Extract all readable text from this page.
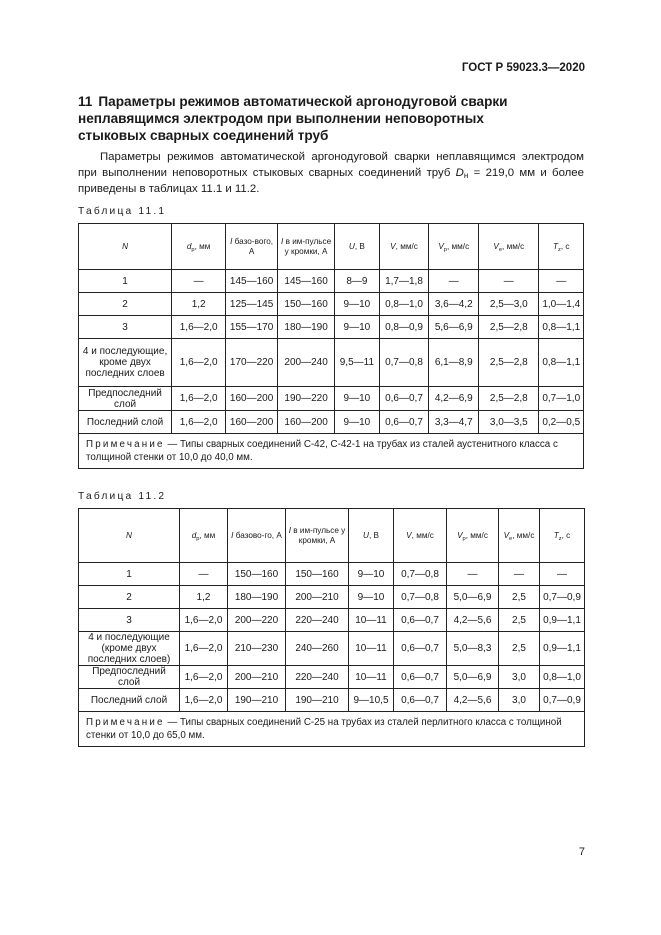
ГОСТ Р 59023.3—2020
11 Параметры режимов автоматической аргонодуговой сварки неплавящимся электродом при выполнении неповоротных стыковых сварных соединений труб

Параметры режимов автоматической аргонодуговой сварки неплавящимся электродом при выполнении неповоротных стыковых сварных соединений труб $D_н = 219,0$ мм и более приведены в таблицах 11.1 и 11.2.

Таблица 11.1
N	$d_p$, мм	I базо-вого, А	I в им-пульсе у кромки, А	U, В	V, мм/с	$V_р$, мм/с	$V_e$, мм/с	$T_z$, с
1	—	145—160	145—160	8—9	1,7—1,8	—	—	—
2	1,2	125—145	150—160	9—10	0,8—1,0	3,6—4,2	2,5—3,0	1,0—1,4
3	1,6—2,0	155—170	180—190	9—10	0,8—0,9	5,6—6,9	2,5—2,8	0,8—1,1
4 и последующие, кроме двух последних слоев	1,6—2,0	170—220	200—240	9,5—11	0,7—0,8	6,1—8,9	2,5—2,8	0,8—1,1
Предпоследний слой	1,6—2,0	160—200	190—220	9—10	0,6—0,7	4,2—6,9	2,5—2,8	0,7—1,0
Последний слой	1,6—2,0	160—200	160—200	9—10	0,6—0,7	3,3—4,7	3,0—3,5	0,2—0,5
Примечание — Типы сварных соединений С-42, С-42-1 на трубах из сталей аустенитного класса с толщиной стенки от 10,0 до 40,0 мм.								
Таблица 11.2
N	$d_p$, мм	I базово-го, А	I в им-пульсе у кромки, А	U, В	V, мм/с	$V_р$, мм/с	$V_e$, мм/с	$T_z$, с
1	—	150—160	150—160	9—10	0,7—0,8	—	—	—
2	1,2	180—190	200—210	9—10	0,7—0,8	5,0—6,9	2,5	0,7—0,9
3	1,6—2,0	200—220	220—240	10—11	0,6—0,7	4,2—5,6	2,5	0,9—1,1
4 и последующие (кроме двух последних слоев)	1,6—2,0	210—230	240—260	10—11	0,6—0,7	5,0—8,3	2,5	0,9—1,1
Предпоследний слой	1,6—2,0	200—210	220—240	10—11	0,6—0,7	5,0—6,9	3,0	0,8—1,0
Последний слой	1,6—2,0	190—210	190—210	9—10,5	0,6—0,7	4,2—5,6	3,0	0,7—0,9
Примечание — Типы сварных соединений С-25 на трубах из сталей перлитного класса с толщиной стенки от 10,0 до 65,0 мм.								
7
